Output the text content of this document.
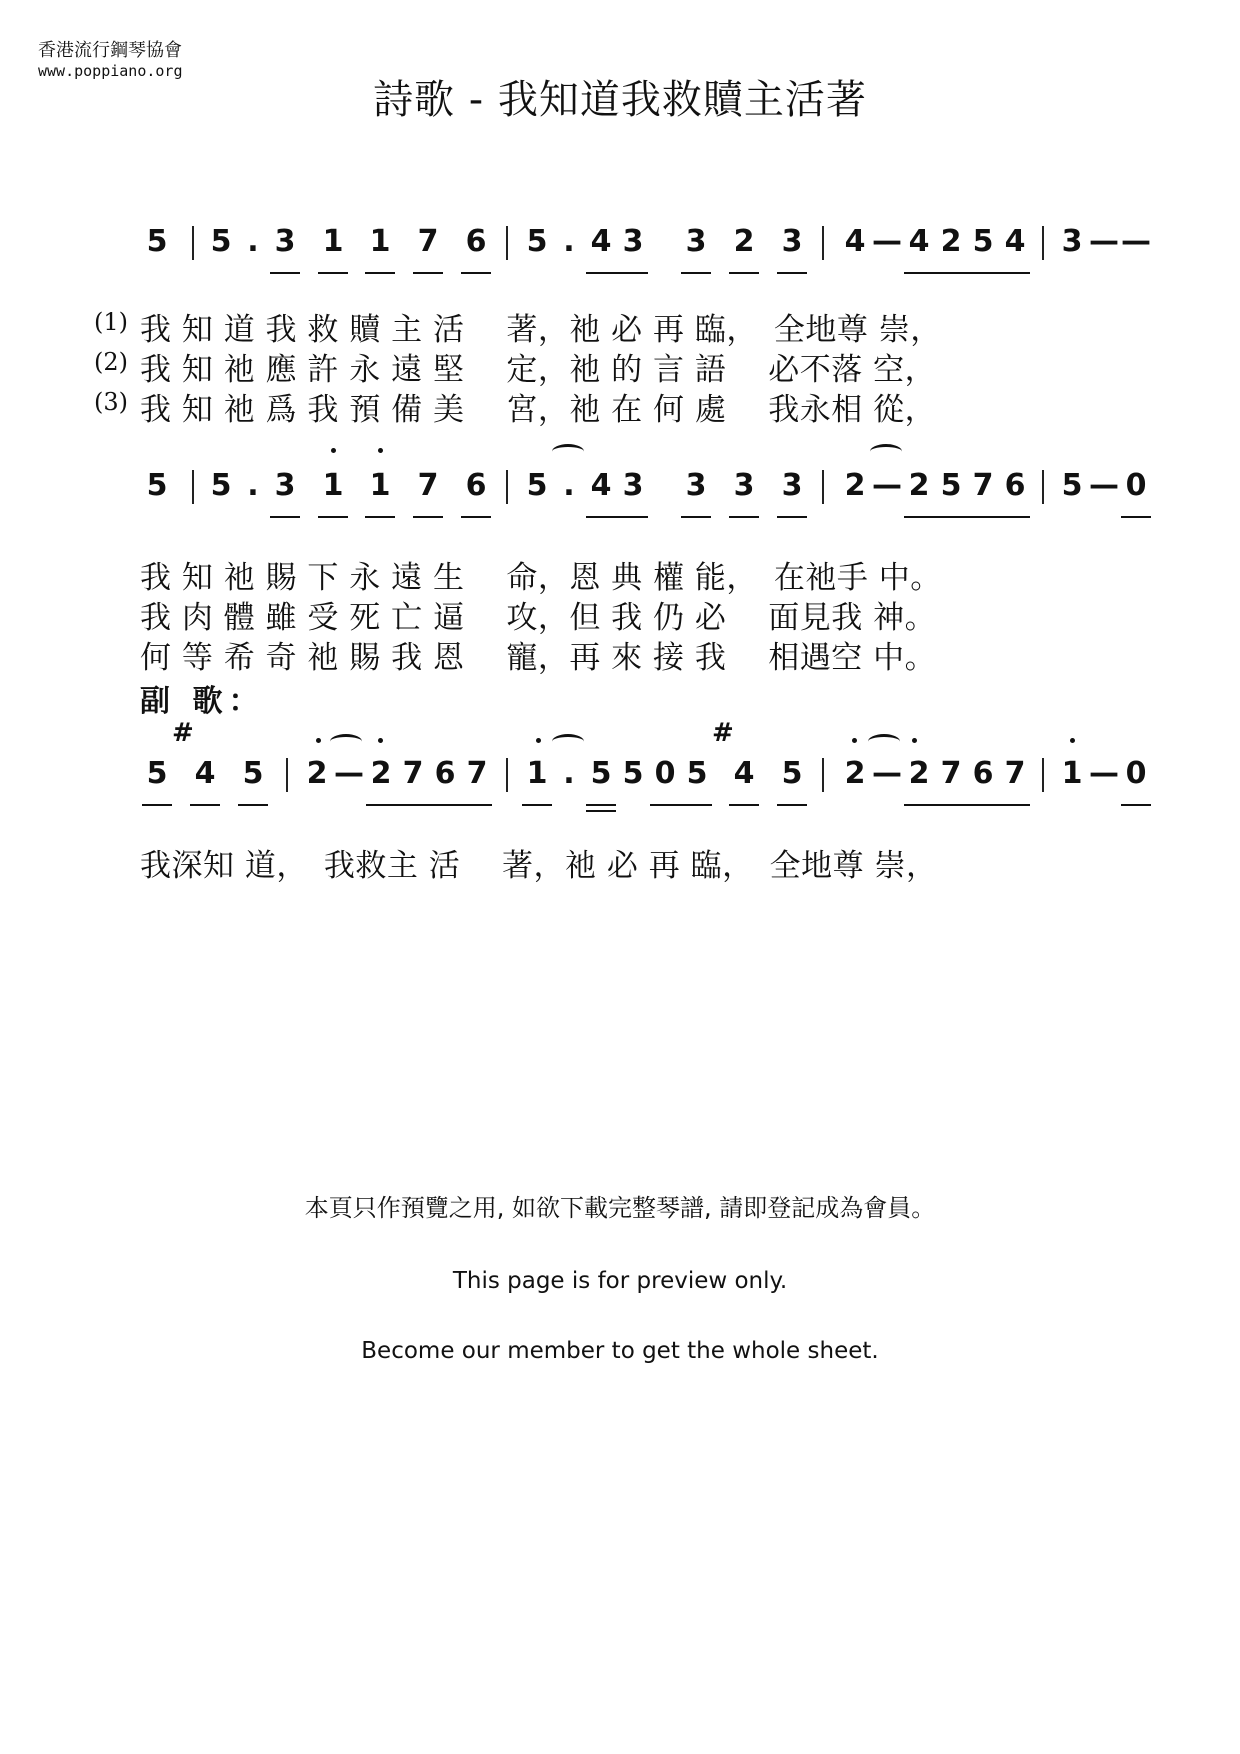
香港流行鋼琴協會
www.poppiano.org
詩歌 - 我知道我救贖主活著
5 5 . 3 1 1 7 6 5 . 4 3 3 2 3 4 — 4 2 5 4 3 — —
(1) 我 知 道 我 救 贖 主 活　 著，祂 必 再 臨，　全地尊 崇，
(2) 我 知 祂 應 許 永 遠 堅　 定，祂 的 言 語 　必不落 空，
(3) 我 知 祂 爲 我 預 備 美　 宮，祂 在 何 處 　我永相 從，
5 5 . 3 1 1 7 6 5 . 4 3 3 3 3 2 — 2 5 7 6 5 — 0
我 知 祂 賜 下 永 遠 生　 命，恩 典 權 能，　在祂手 中。
我 肉 體 雖 受 死 亡 逼　 攻，但 我 仍 必 　面見我 神。
何 等 希 奇 祂 賜 我 恩　 寵，再 來 接 我 　相遇空 中。
副 歌：
#	#
5 4 5 2 — 2 7 6 7 1 . 5 5 0 5 4 5 2 — 2 7 6 7 1 — 0
我深知 道，　我救主 活　 著，祂 必 再 臨，　全地尊 崇，
本頁只作預覽之用, 如欲下載完整琴譜, 請即登記成為會員。
This page is for preview only.
Become our member to get the whole sheet.
